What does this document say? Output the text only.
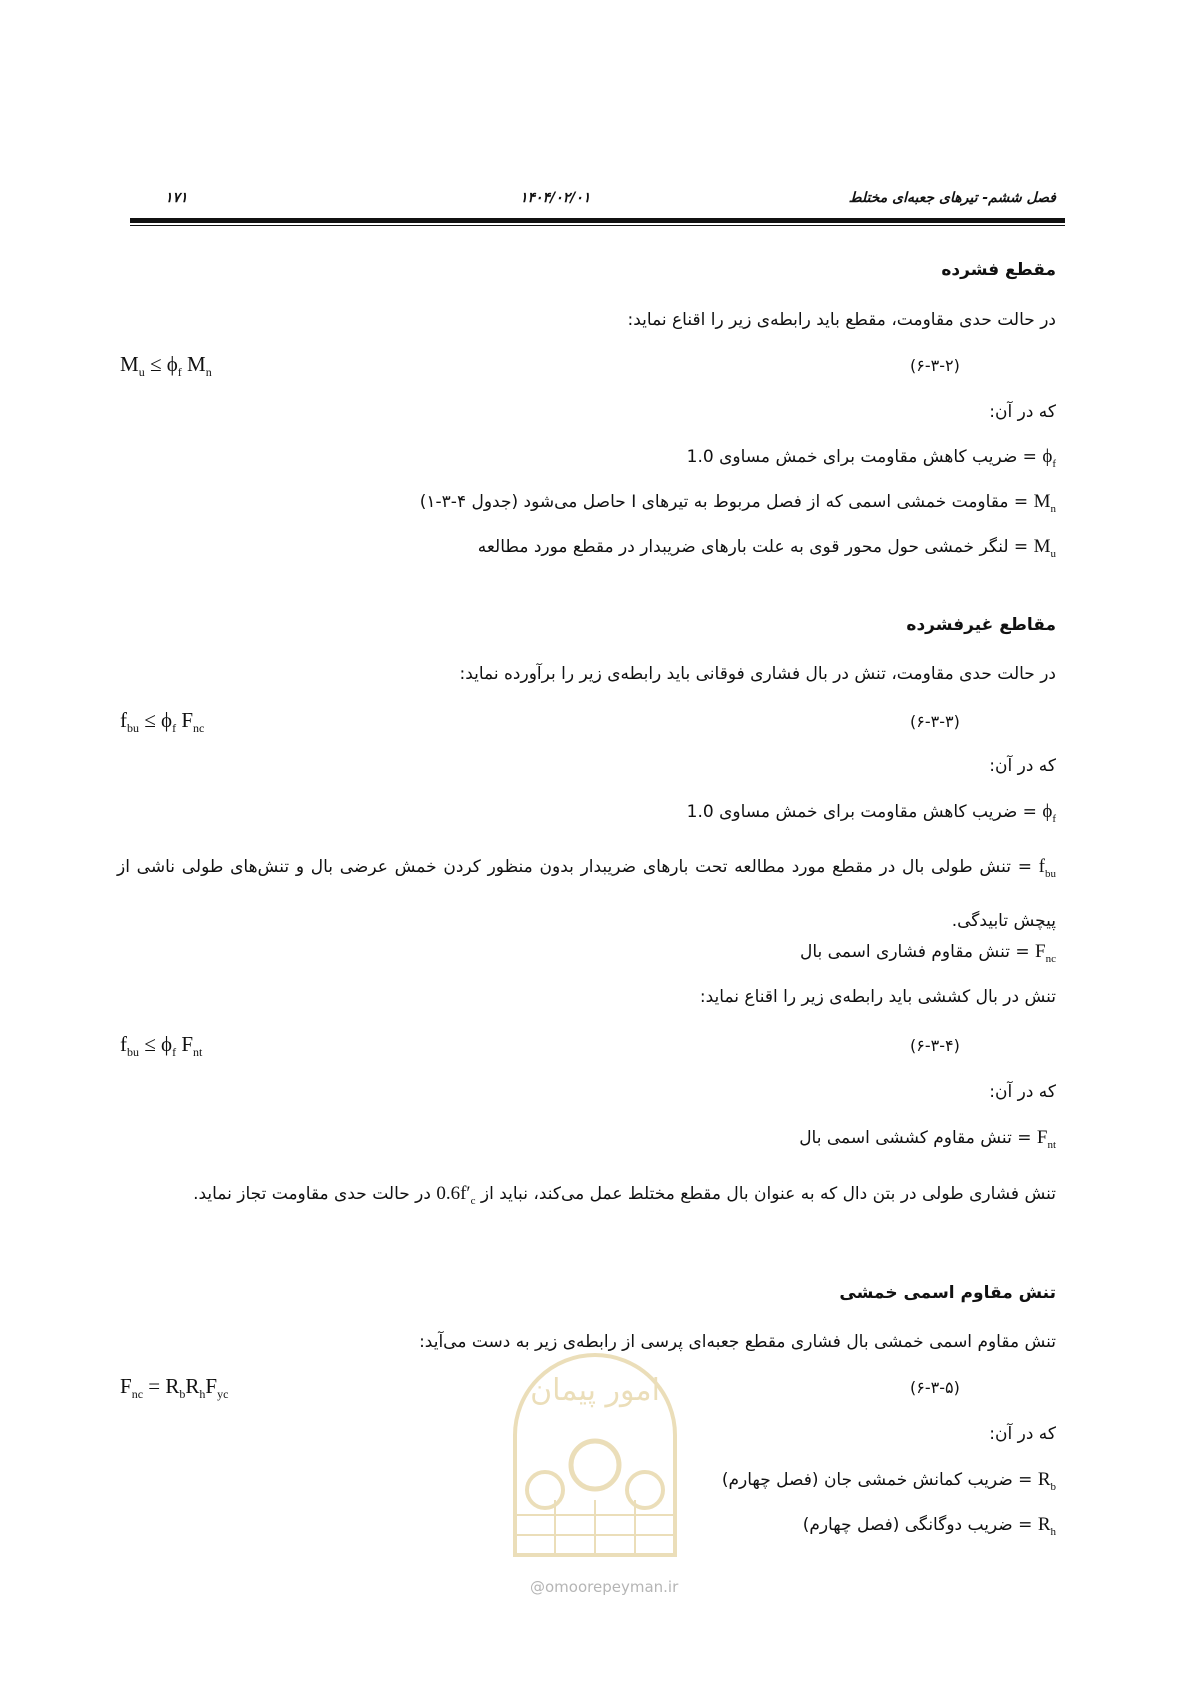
فصل ششم- تیرهای جعبه‌ای مختلط
۱۴۰۴/۰۲/۰۱
۱۷۱
مقطع فشرده
در حالت حدی مقاومت، مقطع باید رابطه‌ی زیر را اقناع نماید:
$M_u \le \phi_f$ $M_n$	(۶-۳-۲)
که در آن:
$\phi_f$ = ضریب کاهش مقاومت برای خمش مساوی 1.0
$M_n$ = مقاومت خمشی اسمی که از فصل مربوط به تیرهای I حاصل می‌شود (جدول ۴-۳-۱)
$M_u$ = لنگر خمشی حول محور قوی به علت بارهای ضریبدار در مقطع مورد مطالعه
مقاطع غیرفشرده
در حالت حدی مقاومت، تنش در بال فشاری فوقانی باید رابطه‌ی زیر را برآورده نماید:
$f_{bu} \le \phi_f$ $F_{nc}$	(۶-۳-۳)
که در آن:
$\phi_f$ = ضریب کاهش مقاومت برای خمش مساوی 1.0
$f_{bu}$ = تنش طولی بال در مقطع مورد مطالعه تحت بارهای ضریبدار بدون منظور کردن خمش عرضی بال و تنش‌های طولی ناشی از پیچش تابیدگی.
$F_{nc}$ = تنش مقاوم فشاری اسمی بال
تنش در بال کششی باید رابطه‌ی زیر را اقناع نماید:
$f_{bu} \le \phi_f$ $F_{nt}$	(۶-۳-۴)
که در آن:
$F_{nt}$ = تنش مقاوم کششی اسمی بال
تنش فشاری طولی در بتن دال که به عنوان بال مقطع مختلط عمل می‌کند، نباید از $0.6f'_c$ در حالت حدی مقاومت تجاز نماید.
تنش مقاوم اسمی خمشی
تنش مقاوم اسمی خمشی بال فشاری مقطع جعبه‌ای پرسی از رابطه‌ی زیر به دست می‌آید:
$F_{nc} = R_bR_hF_{yc}$	(۶-۳-۵)
که در آن:
$R_b$ = ضریب کمانش خمشی جان (فصل چهارم)
$R_h$ = ضریب دوگانگی (فصل چهارم)
امور پیمان
@omoorepeyman.ir
